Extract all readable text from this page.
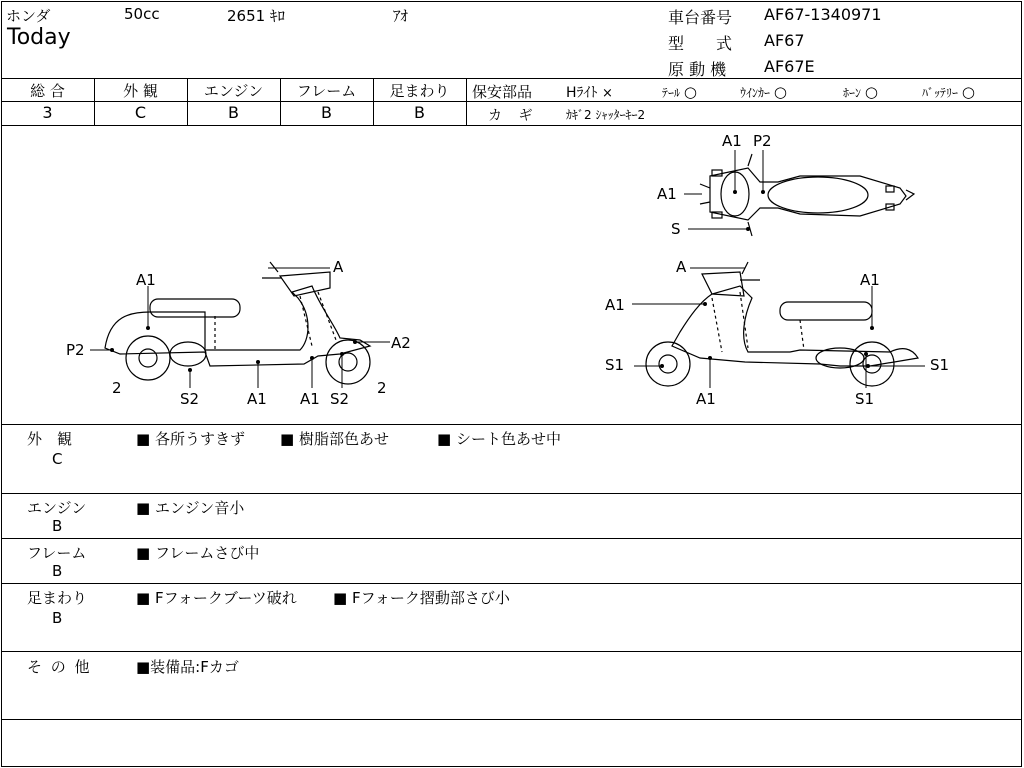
ホンダ	50cc	2651 ｷﾛ	ｱｵ
Today
車台番号 AF67-1340971
型　　式 AF67
原 動 機 AF67E
総 合	外 観	エンジン	フレーム	足まわり
3	C	B	B	B
保安部品 Hﾗｲﾄ ×	ﾃｰﾙ ○	ｳｲﾝｶｰ ○	ﾎｰﾝ ○	ﾊﾞｯﾃﾘｰ ○
カ ギ ｶｷﾞ2 ｼｬｯﾀｰｷｰ2
A1 P2
A1
S
A
A1
P2	A2
2
S2	A1 A1 S2
2
A
A1
A1
S1	S1
A1	S1
外　観
C
■ 各所うすきず ■ 樹脂部色あせ	■ シート色あせ中
エンジン
B
■ エンジン音小
フレーム
B
■ フレームさび中
足まわり
B
■ Fフォークブーツ破れ ■ Fフォーク摺動部さび小
そ の 他	■装備品:Fカゴ
